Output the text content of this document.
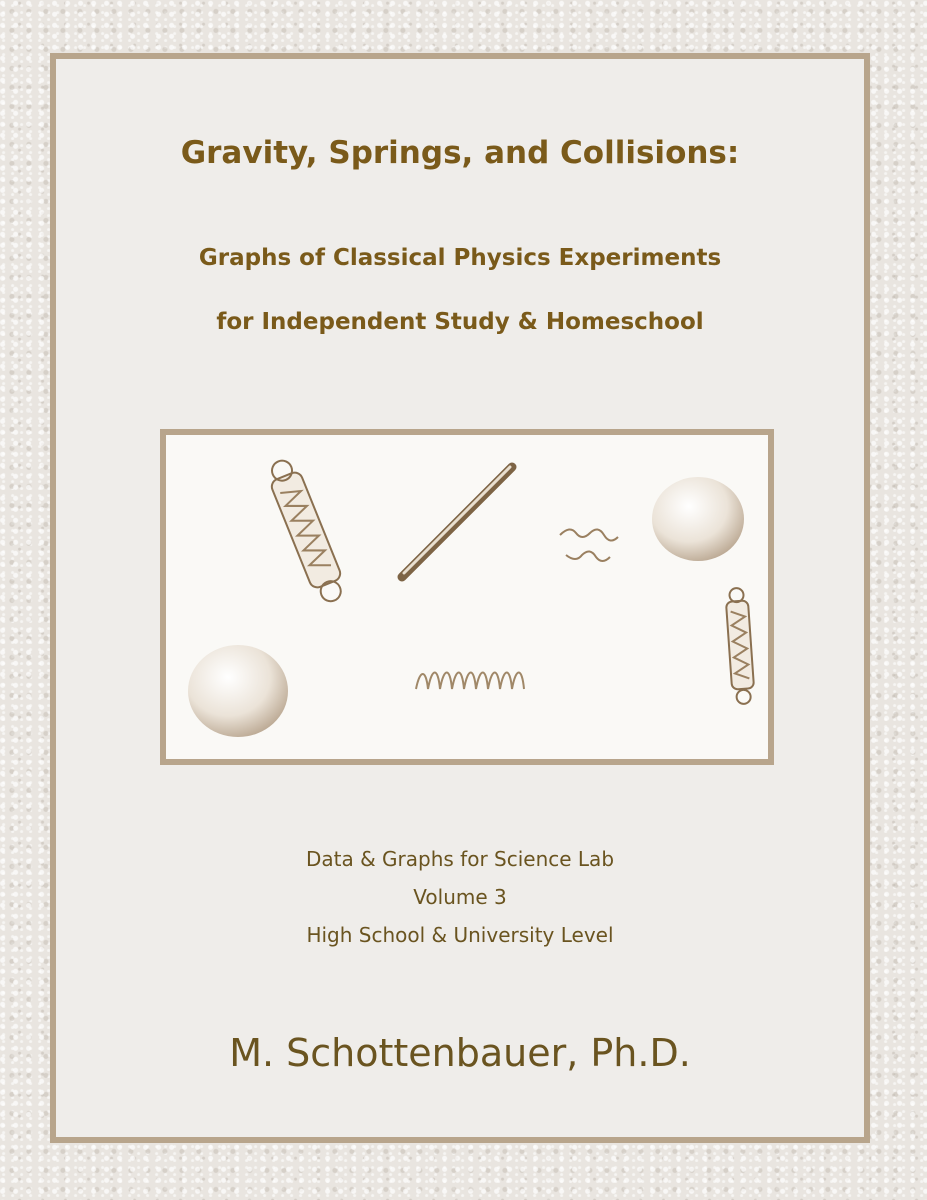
Gravity, Springs, and Collisions:
Graphs of Classical Physics Experiments
for Independent Study & Homeschool
Data & Graphs for Science Lab
Volume 3
High School & University Level
M. Schottenbauer, Ph.D.
